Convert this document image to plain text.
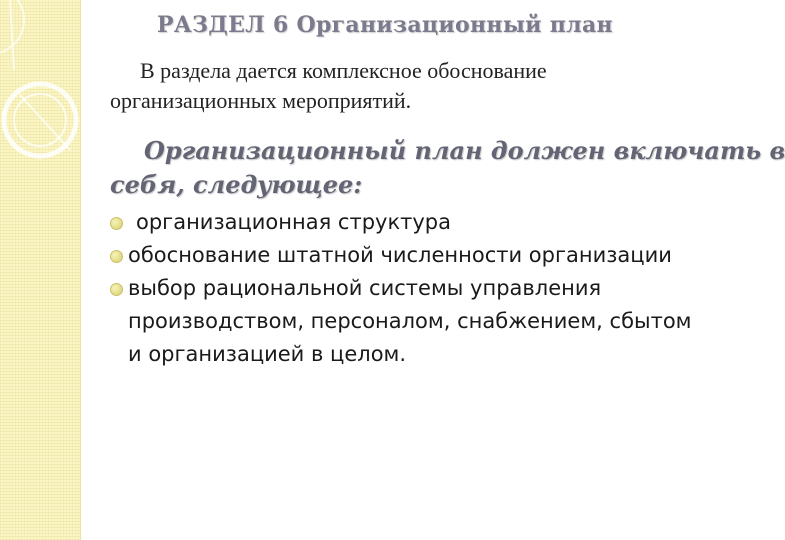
РАЗДЕЛ 6 Организационный план
В раздела дается комплексное обоснование
организационных мероприятий.
Организационный план должен включать в
себя, следующее:
организационная структура
обоснование штатной численности организации
выбор рациональной системы управления производством, персоналом, снабжением, сбытом и организацией в целом.
